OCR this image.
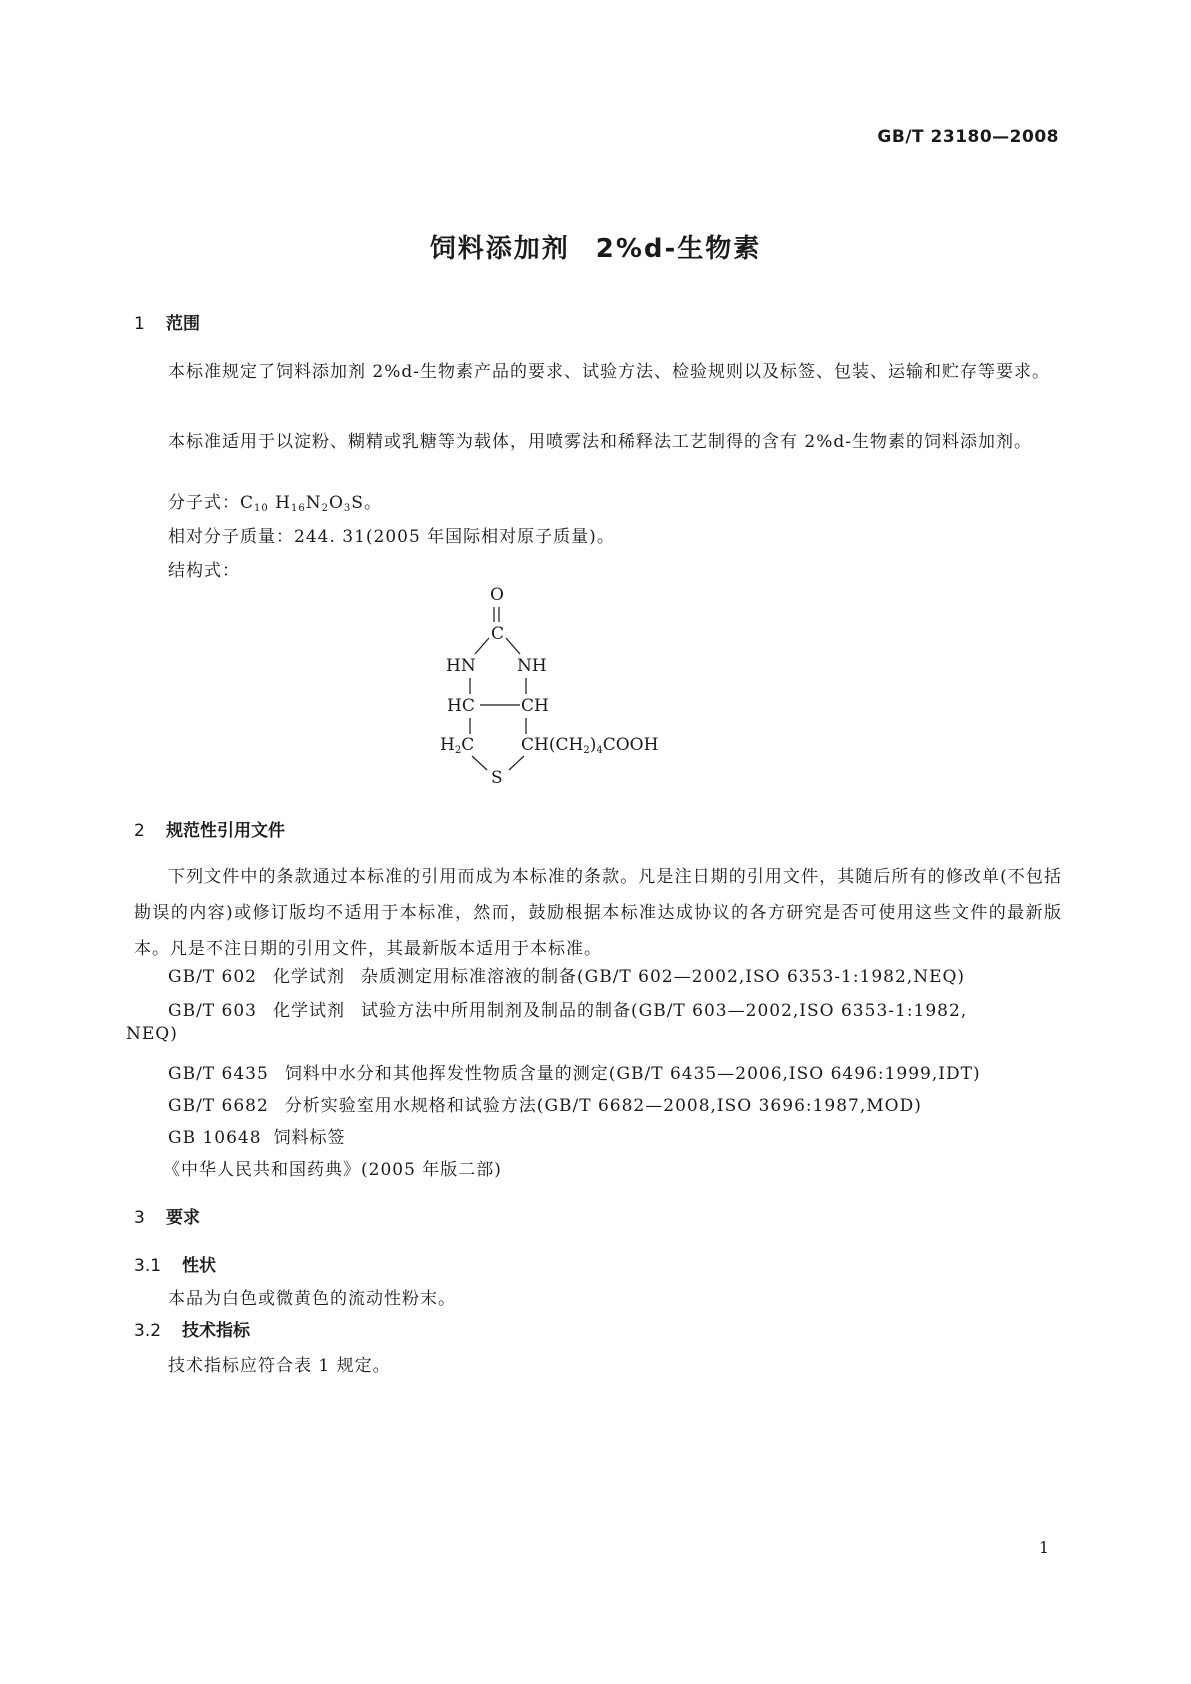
GB/T 23180—2008
饲料添加剂 2%d-生物素
1 范围
本标准规定了饲料添加剂 2%d-生物素产品的要求、试验方法、检验规则以及标签、包装、运输和贮存等要求。
本标准适用于以淀粉、糊精或乳糖等为载体，用喷雾法和稀释法工艺制得的含有 2%d-生物素的饲料添加剂。
分子式：$C_{10}$ $H_{16}N_2O_3S$。
相对分子质量：244. 31(2005 年国际相对原子质量)。
结构式：
O
C
HN NH
HC	CH
H2C	CH(CH2)4COOH
S
2 规范性引用文件
下列文件中的条款通过本标准的引用而成为本标准的条款。凡是注日期的引用文件，其随后所有的修改单(不包括勘误的内容)或修订版均不适用于本标准，然而，鼓励根据本标准达成协议的各方研究是否可使用这些文件的最新版本。凡是不注日期的引用文件，其最新版本适用于本标准。
GB/T 602 化学试剂 杂质测定用标准溶液的制备(GB/T 602—2002,ISO 6353-1:1982,NEQ)
GB/T 603 化学试剂 试验方法中所用制剂及制品的制备(GB/T 603—2002,ISO 6353-1:1982,
NEQ)
GB/T 6435 饲料中水分和其他挥发性物质含量的测定(GB/T 6435—2006,ISO 6496:1999,IDT)
GB/T 6682 分析实验室用水规格和试验方法(GB/T 6682—2008,ISO 3696:1987,MOD)
GB 10648 饲料标签
《中华人民共和国药典》(2005 年版二部)
3 要求
3.1 性状
本品为白色或微黄色的流动性粉末。
3.2 技术指标
技术指标应符合表 1 规定。
1
